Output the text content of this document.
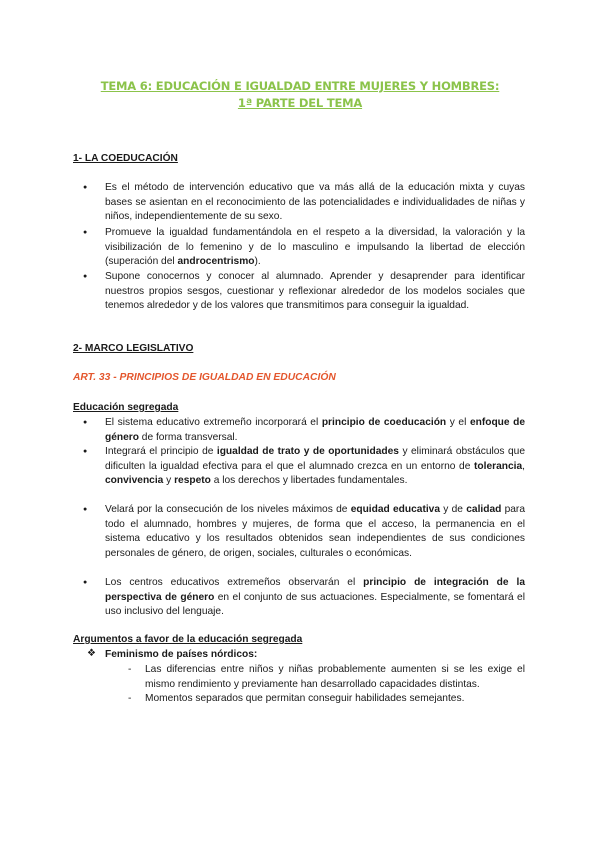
TEMA 6: EDUCACIÓN E IGUALDAD ENTRE MUJERES Y HOMBRES:
1ª PARTE DEL TEMA
1- LA COEDUCACIÓN
● Es el método de intervención educativo que va más allá de la educación mixta y cuyas bases se asientan en el reconocimiento de las potencialidades e individualidades de niñas y niños, independientemente de su sexo.
● Promueve la igualdad fundamentándola en el respeto a la diversidad, la valoración y la visibilización de lo femenino y de lo masculino e impulsando la libertad de elección (superación del androcentrismo).
● Supone conocernos y conocer al alumnado. Aprender y desaprender para identificar nuestros propios sesgos, cuestionar y reflexionar alrededor de los modelos sociales que tenemos alrededor y de los valores que transmitimos para conseguir la igualdad.
2- MARCO LEGISLATIVO
ART. 33 - PRINCIPIOS DE IGUALDAD EN EDUCACIÓN
Educación segregada
● El sistema educativo extremeño incorporará el principio de coeducación y el enfoque de género de forma transversal.
● Integrará el principio de igualdad de trato y de oportunidades y eliminará obstáculos que dificulten la igualdad efectiva para el que el alumnado crezca en un entorno de tolerancia, convivencia y respeto a los derechos y libertades fundamentales.
● Velará por la consecución de los niveles máximos de equidad educativa y de calidad para todo el alumnado, hombres y mujeres, de forma que el acceso, la permanencia en el sistema educativo y los resultados obtenidos sean independientes de sus condiciones personales de género, de origen, sociales, culturales o económicas.
● Los centros educativos extremeños observarán el principio de integración de la perspectiva de género en el conjunto de sus actuaciones. Especialmente, se fomentará el uso inclusivo del lenguaje.
Argumentos a favor de la educación segregada
❖ Feminismo de países nórdicos:
- Las diferencias entre niños y niñas probablemente aumenten si se les exige el mismo rendimiento y previamente han desarrollado capacidades distintas.
- Momentos separados que permitan conseguir habilidades semejantes.
